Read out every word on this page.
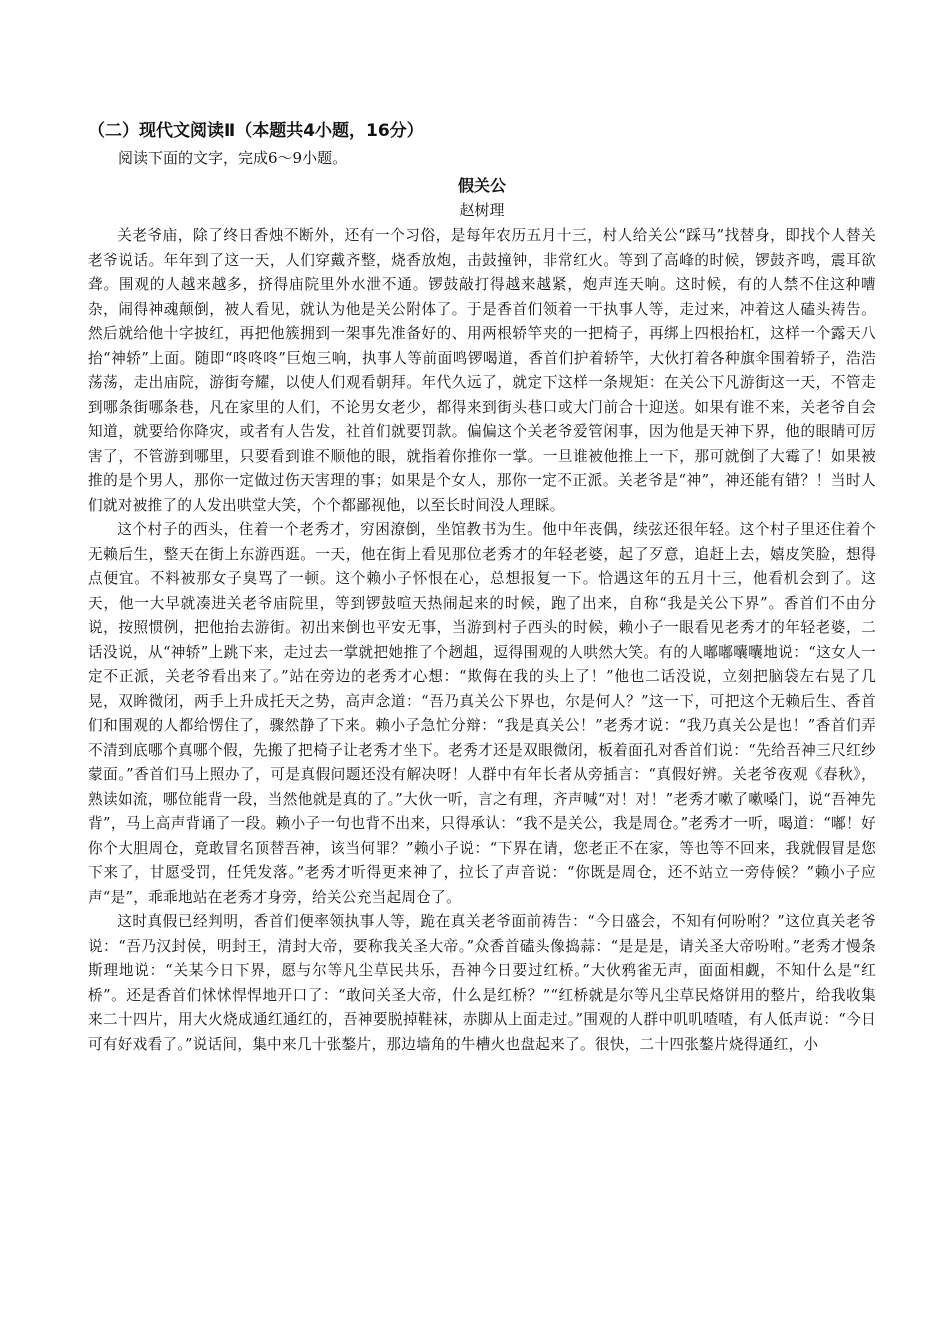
（二）现代文阅读Ⅱ（本题共4小题，16分）
阅读下面的文字，完成6～9小题。
假关公
赵树理

关老爷庙，除了终日香烛不断外，还有一个习俗，是每年农历五月十三，村人给关公“踩马”找替身，即找个人替关老爷说话。年年到了这一天，人们穿戴齐整，烧香放炮，击鼓撞钟，非常红火。等到了高峰的时候，锣鼓齐鸣，震耳欲聋。围观的人越来越多，挤得庙院里外水泄不通。锣鼓敲打得越来越紧，炮声连天响。这时候，有的人禁不住这种嘈杂，闹得神魂颠倒，被人看见，就认为他是关公附体了。于是香首们领着一干执事人等，走过来，冲着这人磕头祷告。然后就给他十字披红，再把他簇拥到一架事先准备好的、用两根轿竿夹的一把椅子，再绑上四根抬杠，这样一个露天八抬“神轿”上面。随即“咚咚咚”巨炮三响，执事人等前面鸣锣喝道，香首们护着轿竿，大伙打着各种旗伞围着轿子，浩浩荡荡，走出庙院，游街夸耀，以使人们观看朝拜。年代久远了，就定下这样一条规矩：在关公下凡游街这一天，不管走到哪条街哪条巷，凡在家里的人们，不论男女老少，都得来到街头巷口或大门前合十迎送。如果有谁不来，关老爷自会知道，就要给你降灾，或者有人告发，社首们就要罚款。偏偏这个关老爷爱管闲事，因为他是天神下界，他的眼睛可厉害了，不管游到哪里，只要看到谁不顺他的眼，就指着你推你一掌。一旦谁被他推上一下，那可就倒了大霉了！如果被推的是个男人，那你一定做过伤天害理的事；如果是个女人，那你一定不正派。关老爷是“神”，神还能有错？！当时人们就对被推了的人发出哄堂大笑，个个都鄙视他，以至长时间没人理睬。

这个村子的西头，住着一个老秀才，穷困潦倒，坐馆教书为生。他中年丧偶，续弦还很年轻。这个村子里还住着个无赖后生，整天在街上东游西逛。一天，他在街上看见那位老秀才的年轻老婆，起了歹意，追赶上去，嬉皮笑脸，想得点便宜。不料被那女子臭骂了一顿。这个赖小子怀恨在心，总想报复一下。恰遇这年的五月十三，他看机会到了。这天，他一大早就凑进关老爷庙院里，等到锣鼓喧天热闹起来的时候，跑了出来，自称“我是关公下界”。香首们不由分说，按照惯例，把他抬去游街。初出来倒也平安无事，当游到村子西头的时候，赖小子一眼看见老秀才的年轻老婆，二话没说，从“神轿”上跳下来，走过去一掌就把她推了个趔趄，逗得围观的人哄然大笑。有的人嘟嘟囔囔地说：“这女人一定不正派，关老爷看出来了。”站在旁边的老秀才心想：“欺侮在我的头上了！”他也二话没说，立刻把脑袋左右晃了几晃，双眸微闭，两手上升成托天之势，高声念道：“吾乃真关公下界也，尔是何人？”这一下，可把这个无赖后生、香首们和围观的人都给愣住了，骤然静了下来。赖小子急忙分辩：“我是真关公！”老秀才说：“我乃真关公是也！”香首们弄不清到底哪个真哪个假，先搬了把椅子让老秀才坐下。老秀才还是双眼微闭，板着面孔对香首们说：“先给吾神三尺红纱蒙面。”香首们马上照办了，可是真假问题还没有解决呀！人群中有年长者从旁插言：“真假好辨。关老爷夜观《春秋》，熟读如流，哪位能背一段，当然他就是真的了。”大伙一听，言之有理，齐声喊“对！对！”老秀才嗽了嗽嗓门，说“吾神先背”，马上高声背诵了一段。赖小子一句也背不出来，只得承认：“我不是关公，我是周仓。”老秀才一听，喝道：“嘟！好你个大胆周仓，竟敢冒名顶替吾神，该当何罪？”赖小子说：“下界在请，您老正不在家，等也等不回来，我就假冒是您下来了，甘愿受罚，任凭发落。”老秀才听得更来神了，拉长了声音说：“你既是周仓，还不站立一旁侍候？”赖小子应声“是”，乖乖地站在老秀才身旁，给关公充当起周仓了。

这时真假已经判明，香首们便率领执事人等，跪在真关老爷面前祷告：“今日盛会，不知有何吩咐？”这位真关老爷说：“吾乃汉封侯，明封王，清封大帝，要称我关圣大帝。”众香首磕头像捣蒜：“是是是，请关圣大帝吩咐。”老秀才慢条斯理地说：“关某今日下界，愿与尔等凡尘草民共乐，吾神今日要过红桥。”大伙鸦雀无声，面面相觑，不知什么是“红桥”。还是香首们怵怵悍悍地开口了：“敢问关圣大帝，什么是红桥？”“红桥就是尔等凡尘草民烙饼用的整片，给我收集来二十四片，用大火烧成通红通红的，吾神要脱掉鞋袜，赤脚从上面走过。”围观的人群中叽叽喳喳，有人低声说：“今日可有好戏看了。”说话间，集中来几十张鏊片，那边墙角的牛槽火也盘起来了。很快，二十四张鏊片烧得通红，小
